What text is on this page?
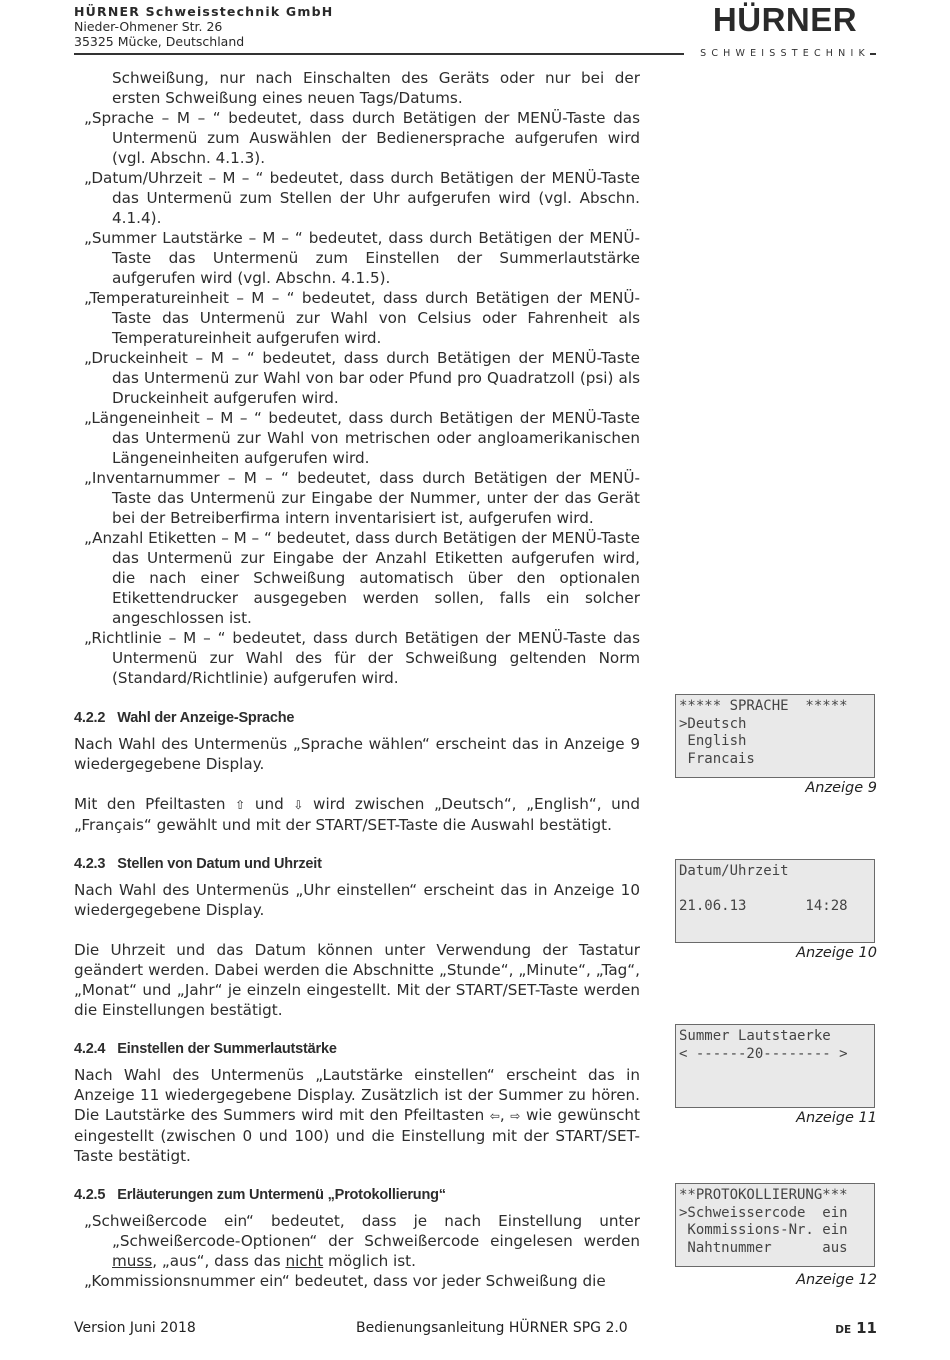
HÜRNER Schweisstechnik GmbH
Nieder-Ohmener Str. 26
35325 Mücke, Deutschland
HÜRNER
SCHWEISSTECHNIK
Schweißung, nur nach Einschalten des Geräts oder nur bei der ersten Schweißung eines neuen Tags/Datums.
„Sprache – M – “ bedeutet, dass durch Betätigen der MENÜ-Taste das Untermenü zum Auswählen der Bedienersprache aufgerufen wird (vgl. Abschn. 4.1.3).
„Datum/Uhrzeit – M – “ bedeutet, dass durch Betätigen der MENÜ-Taste das Untermenü zum Stellen der Uhr aufgerufen wird (vgl. Abschn. 4.1.4).
„Summer Lautstärke – M – “ bedeutet, dass durch Betätigen der MENÜ-Taste das Untermenü zum Einstellen der Summerlautstärke aufgerufen wird (vgl. Abschn. 4.1.5).
„Temperatureinheit – M – “ bedeutet, dass durch Betätigen der MENÜ-Taste das Untermenü zur Wahl von Celsius oder Fahrenheit als Temperatureinheit aufgerufen wird.
„Druckeinheit – M – “ bedeutet, dass durch Betätigen der MENÜ-Taste das Untermenü zur Wahl von bar oder Pfund pro Quadratzoll (psi) als Druckeinheit aufgerufen wird.
„Längeneinheit – M – “ bedeutet, dass durch Betätigen der MENÜ-Taste das Untermenü zur Wahl von metrischen oder angloamerikanischen Längeneinheiten aufgerufen wird.
„Inventarnummer – M – “ bedeutet, dass durch Betätigen der MENÜ-Taste das Untermenü zur Eingabe der Nummer, unter der das Gerät bei der Betreiberfirma intern inventarisiert ist, aufgerufen wird.
„Anzahl Etiketten – M – “ bedeutet, dass durch Betätigen der MENÜ-Taste das Untermenü zur Eingabe der Anzahl Etiketten aufgerufen wird, die nach einer Schweißung automatisch über den optionalen Etikettendrucker ausgegeben werden sollen, falls ein solcher angeschlossen ist.
„Richtlinie – M – “ bedeutet, dass durch Betätigen der MENÜ-Taste das Untermenü zur Wahl des für der Schweißung geltenden Norm (Standard/Richtlinie) aufgerufen wird.
4.2.2 Wahl der Anzeige-Sprache
Nach Wahl des Untermenüs „Sprache wählen“ erscheint das in Anzeige 9 wiedergegebene Display.
Mit den Pfeiltasten ⇧ und ⇩ wird zwischen „Deutsch“, „English“, und „Français“ gewählt und mit der START/SET-Taste die Auswahl bestätigt.
4.2.3 Stellen von Datum und Uhrzeit
Nach Wahl des Untermenüs „Uhr einstellen“ erscheint das in Anzeige 10 wiedergegebene Display.
Die Uhrzeit und das Datum können unter Verwendung der Tastatur geändert werden. Dabei werden die Abschnitte „Stunde“, „Minute“, „Tag“, „Monat“ und „Jahr“ je einzeln eingestellt. Mit der START/SET-Taste werden die Einstellungen bestätigt.
4.2.4 Einstellen der Summerlautstärke
Nach Wahl des Untermenüs „Lautstärke einstellen“ erscheint das in Anzeige 11 wiedergegebene Display. Zusätzlich ist der Summer zu hören. Die Lautstärke des Summers wird mit den Pfeiltasten ⇦, ⇨ wie gewünscht eingestellt (zwischen 0 und 100) und die Einstellung mit der START/SET-Taste bestätigt.
4.2.5 Erläuterungen zum Untermenü „Protokollierung“
„Schweißercode ein“ bedeutet, dass je nach Einstellung unter „Schweißercode-Optionen“ der Schweißercode eingelesen werden muss, „aus“, dass das nicht möglich ist.
„Kommissionsnummer ein“ bedeutet, dass vor jeder Schweißung die
***** SPRACHE  *****
>Deutsch
English
Francais
Anzeige 9
Datum/Uhrzeit

21.06.13       14:28
Anzeige 10
Summer Lautstaerke
< ------20-------- >
Anzeige 11
**PROTOKOLLIERUNG***
>Schweissercode  ein
Kommissions-Nr. ein
Nahtnummer      aus
Anzeige 12
Version Juni 2018	Bedienungsanleitung HÜRNER SPG 2.0	DE 11
